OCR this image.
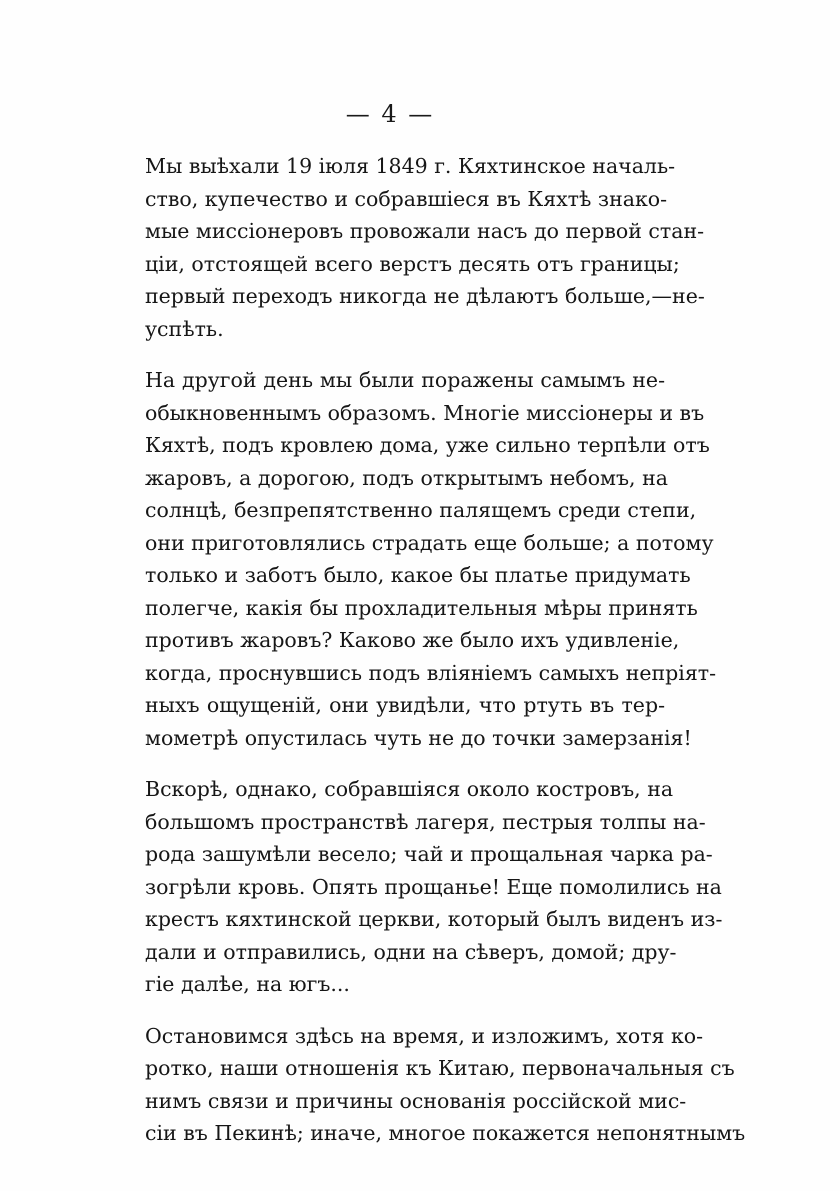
— 4 —
Мы выѣхали 19 іюля 1849 г. Кяхтинское началь-
ство, купечество и собравшіеся въ Кяхтѣ знако-
мые миссіонеровъ провожали насъ до первой стан-
ціи, отстоящей всего верстъ десять отъ границы;
первый переходъ никогда не дѣлаютъ больше,—не-
успѣть.
На другой день мы были поражены самымъ не-
обыкновеннымъ образомъ. Многіе миссіонеры и въ
Кяхтѣ, подъ кровлею дома, уже сильно терпѣли отъ
жаровъ, а дорогою, подъ открытымъ небомъ, на
солнцѣ, безпрепятственно палящемъ среди степи,
они приготовлялись страдать еще больше; а потому
только и заботъ было, какое бы платье придумать
полегче, какія бы прохладительныя мѣры принять
противъ жаровъ? Каково же было ихъ удивленіе,
когда, проснувшись подъ вліяніемъ самыхъ непріят-
ныхъ ощущеній, они увидѣли, что ртуть въ тер-
мометрѣ опустилась чуть не до точки замерзанія!
Вскорѣ, однако, собравшіяся около костровъ, на
большомъ пространствѣ лагеря, пестрыя толпы на-
рода зашумѣли весело; чай и прощальная чарка ра-
зогрѣли кровь. Опять прощанье! Еще помолились на
крестъ кяхтинской церкви, который былъ виденъ из-
дали и отправились, одни на сѣверъ, домой; дру-
гіе далѣе, на югъ...
Остановимся здѣсь на время, и изложимъ, хотя ко-
ротко, наши отношенія къ Китаю, первоначальныя съ
нимъ связи и причины основанія россійской мис-
сіи въ Пекинѣ; иначе, многое покажется непонятнымъ
